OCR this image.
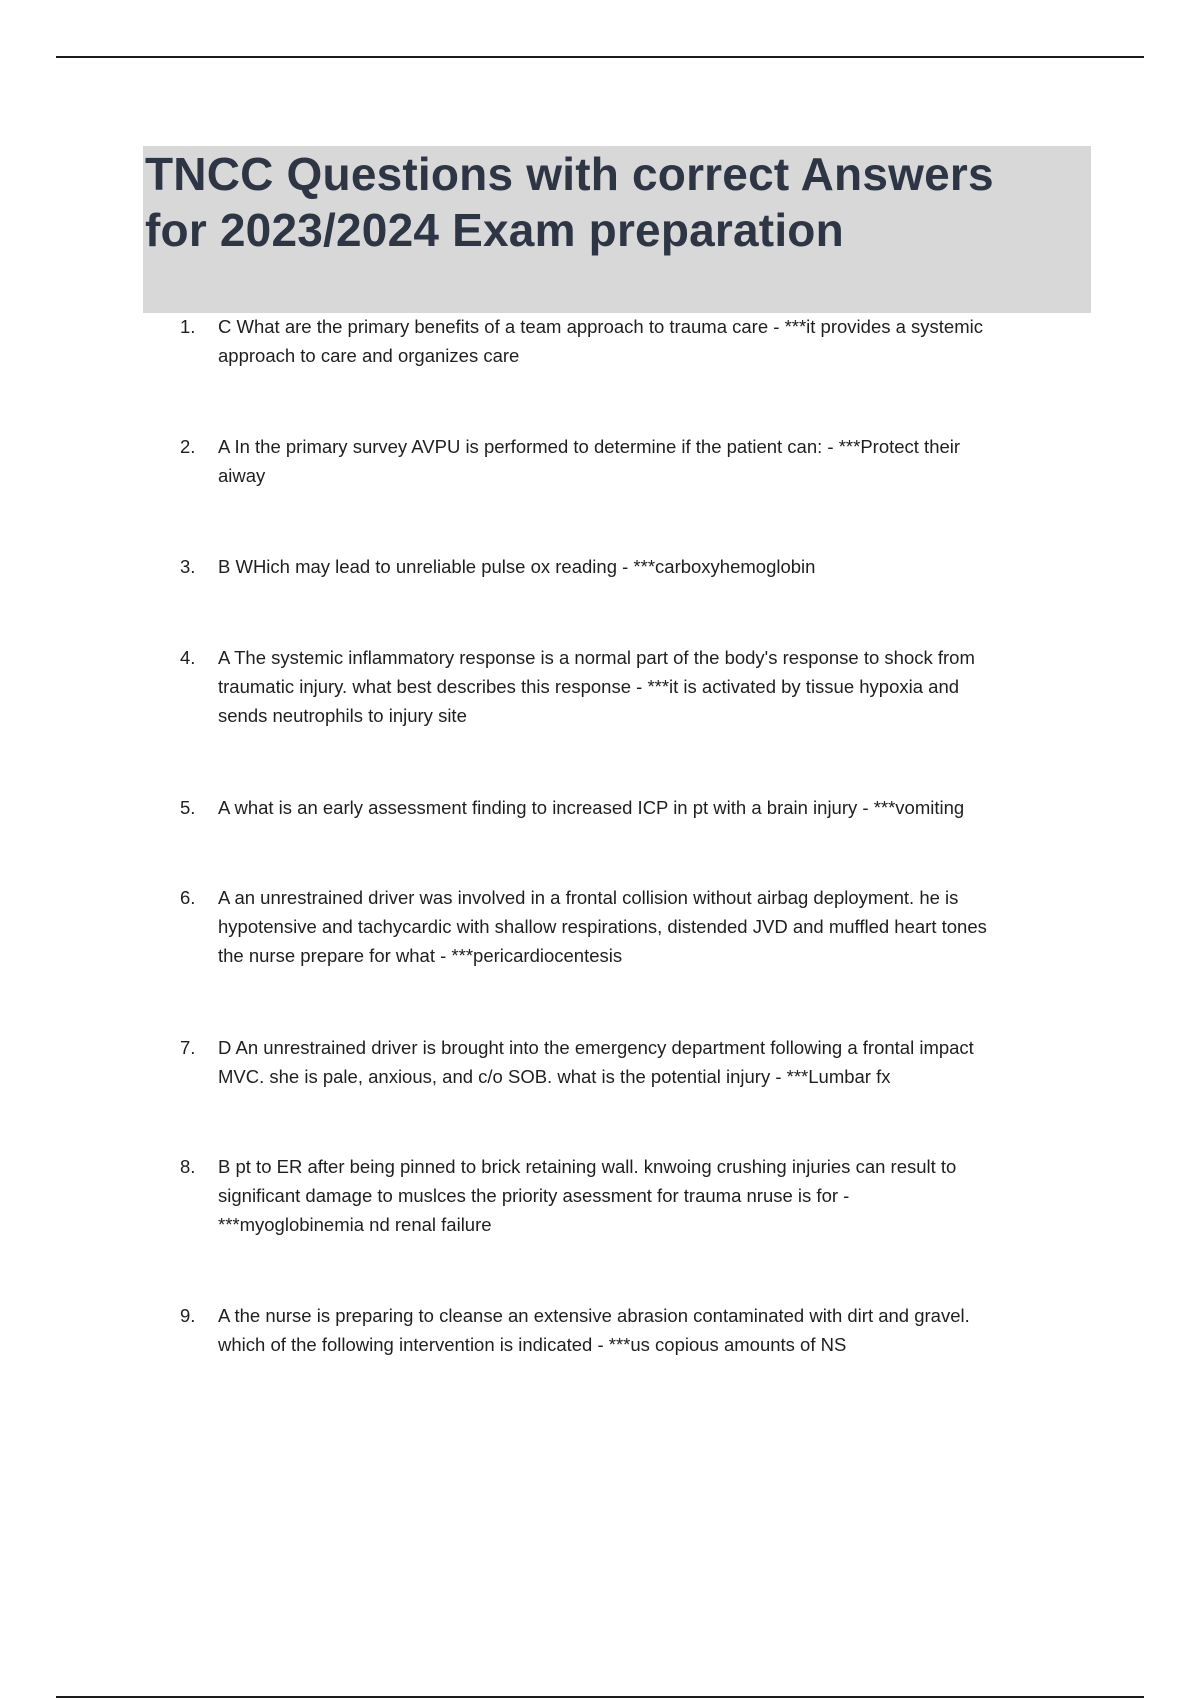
TNCC Questions with correct Answers
for 2023/2024 Exam preparation
1.	C What are the primary benefits of a team approach to trauma care - ***it provides a systemic
approach to care and organizes care
2.	A In the primary survey AVPU is performed to determine if the patient can: - ***Protect their
aiway
3.	B WHich may lead to unreliable pulse ox reading - ***carboxyhemoglobin
4.	A The systemic inflammatory response is a normal part of the body's response to shock from
traumatic injury. what best describes this response - ***it is activated by tissue hypoxia and
sends neutrophils to injury site
5.	A what is an early assessment finding to increased ICP in pt with a brain injury - ***vomiting
6.	A an unrestrained driver was involved in a frontal collision without airbag deployment. he is
hypotensive and tachycardic with shallow respirations, distended JVD and muffled heart tones
the nurse prepare for what - ***pericardiocentesis
7.	D An unrestrained driver is brought into the emergency department following a frontal impact
MVC. she is pale, anxious, and c/o SOB. what is the potential injury - ***Lumbar fx
8.	B pt to ER after being pinned to brick retaining wall. knwoing crushing injuries can result to
significant damage to muslces the priority asessment for trauma nruse is for -
***myoglobinemia nd renal failure
9.	A the nurse is preparing to cleanse an extensive abrasion contaminated with dirt and gravel.
which of the following intervention is indicated - ***us copious amounts of NS
